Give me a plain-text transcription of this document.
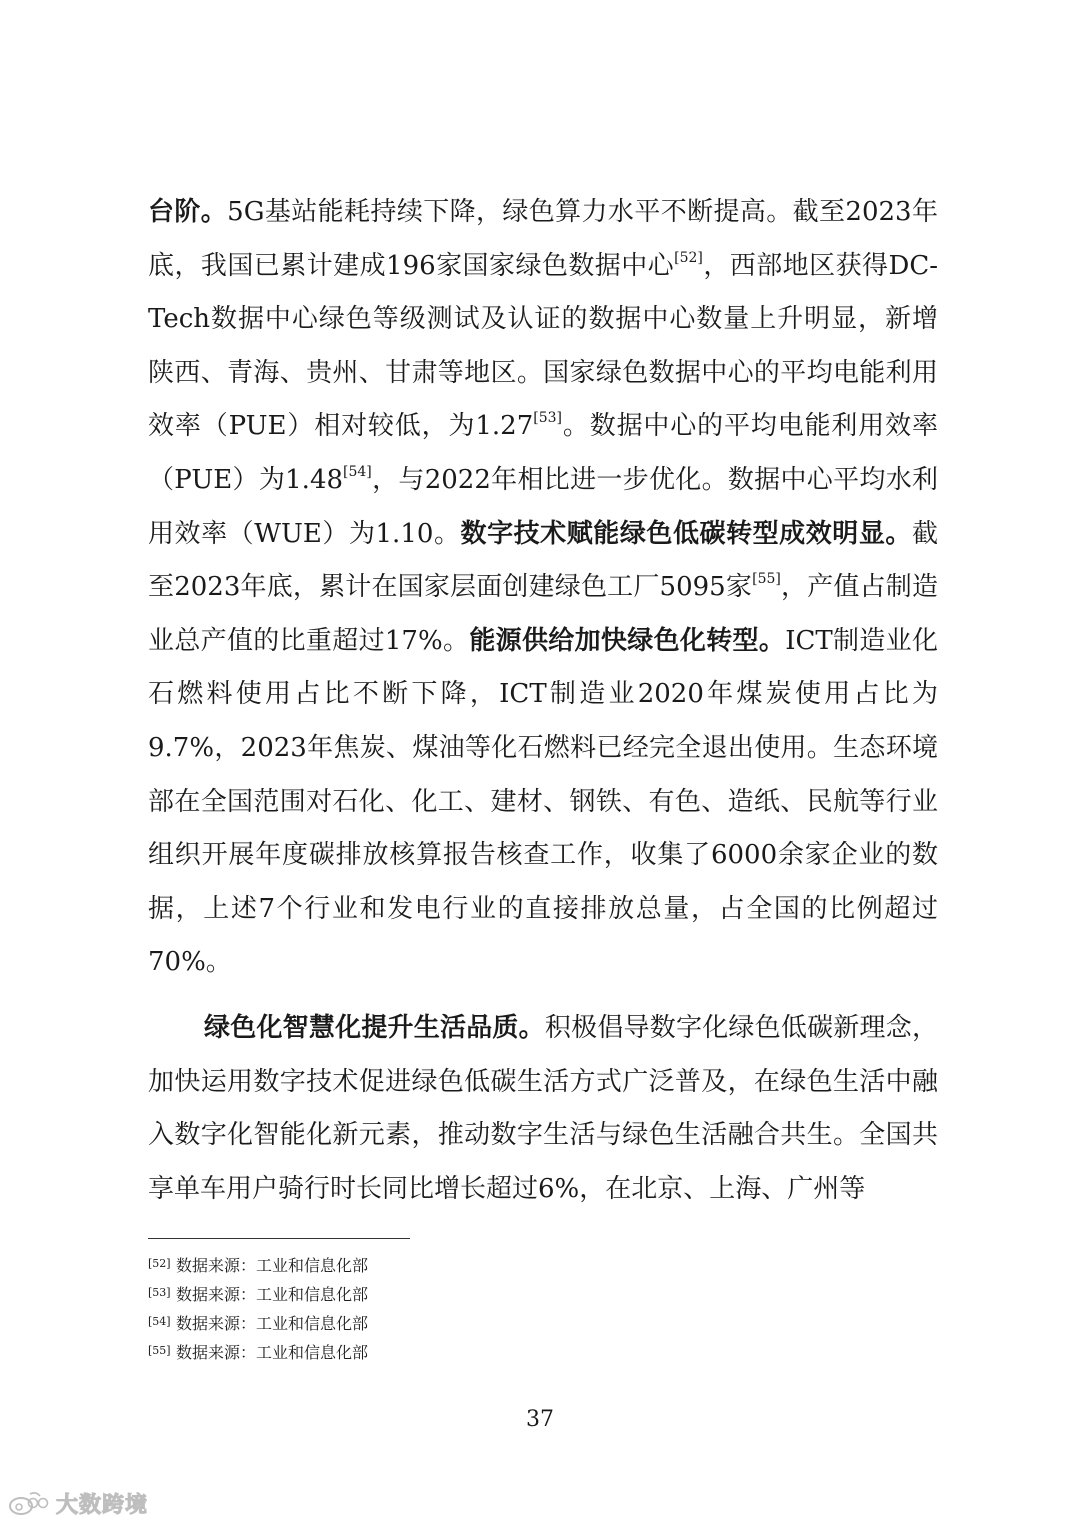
台阶。5G基站能耗持续下降，绿色算力水平不断提高。截至2023年底，我国已累计建成196家国家绿色数据中心[52]，西部地区获得DC-Tech数据中心绿色等级测试及认证的数据中心数量上升明显，新增陕西、青海、贵州、甘肃等地区。国家绿色数据中心的平均电能利用效率（PUE）相对较低，为1.27[53]。数据中心的平均电能利用效率（PUE）为1.48[54]，与2022年相比进一步优化。数据中心平均水利用效率（WUE）为1.10。数字技术赋能绿色低碳转型成效明显。截至2023年底，累计在国家层面创建绿色工厂5095家[55]，产值占制造业总产值的比重超过17%。能源供给加快绿色化转型。ICT制造业化石燃料使用占比不断下降，ICT制造业2020年煤炭使用占比为9.7%，2023年焦炭、煤油等化石燃料已经完全退出使用。生态环境部在全国范围对石化、化工、建材、钢铁、有色、造纸、民航等行业组织开展年度碳排放核算报告核查工作，收集了6000余家企业的数据，上述7个行业和发电行业的直接排放总量，占全国的比例超过70%。

绿色化智慧化提升生活品质。积极倡导数字化绿色低碳新理念，加快运用数字技术促进绿色低碳生活方式广泛普及，在绿色生活中融入数字化智能化新元素，推动数字生活与绿色生活融合共生。全国共享单车用户骑行时长同比增长超过6%，在北京、上海、广州等

[52] 数据来源：工业和信息化部
[53] 数据来源：工业和信息化部
[54] 数据来源：工业和信息化部
[55] 数据来源：工业和信息化部
37
大数跨境
